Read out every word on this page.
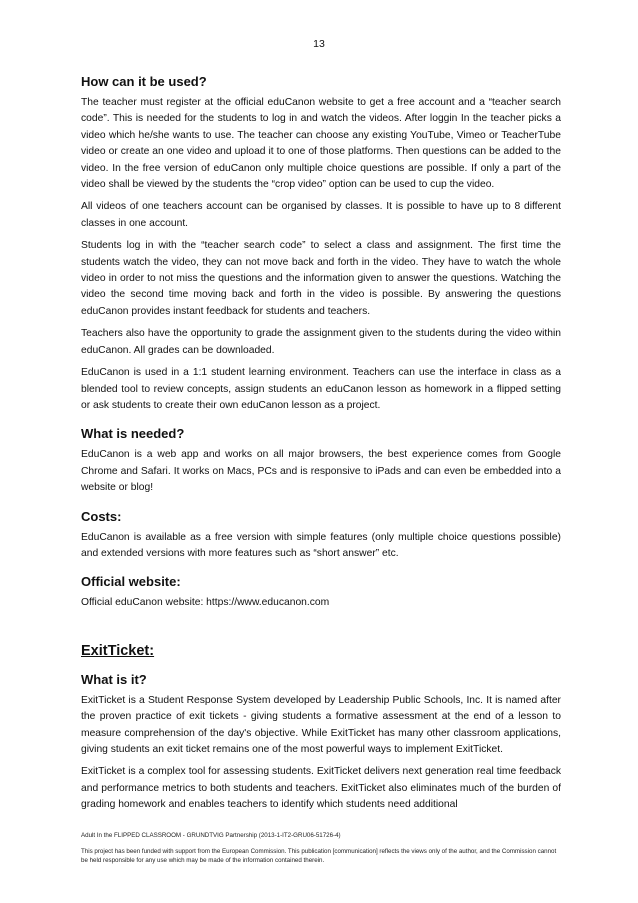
13
How can it be used?

The teacher must register at the official eduCanon website to get a free account and a “teacher search code”. This is needed for the students to log in and watch the videos. After loggin In the teacher picks a video which he/she wants to use. The teacher can choose any existing YouTube, Vimeo or TeacherTube video or create an one video and upload it to one of those platforms. Then questions can be added to the video. In the free version of eduCanon only multiple choice questions are possible. If only a part of the video shall be viewed by the students the “crop video” option can be used to cup the video.

All videos of one teachers account can be organised by classes. It is possible to have up to 8 different classes in one account.

Students log in with the “teacher search code” to select a class and assignment. The first time the students watch the video, they can not move back and forth in the video. They have to watch the whole video in order to not miss the questions and the information given to answer the questions. Watching the video the second time moving back and forth in the video is possible. By answering the questions eduCanon provides instant feedback for students and teachers.

Teachers also have the opportunity to grade the assignment given to the students during the video within eduCanon. All grades can be downloaded.

EduCanon is used in a 1:1 student learning environment. Teachers can use the interface in class as a blended tool to review concepts, assign students an eduCanon lesson as homework in a flipped setting or ask students to create their own eduCanon lesson as a project.

What is needed?

EduCanon is a web app and works on all major browsers, the best experience comes from Google Chrome and Safari. It works on Macs, PCs and is responsive to iPads and can even be embedded into a website or blog!

Costs:

EduCanon is available as a free version with simple features (only multiple choice questions possible) and extended versions with more features such as “short answer” etc.

Official website:

Official eduCanon website: https://www.educanon.com

ExitTicket:
What is it?

ExitTicket is a Student Response System developed by Leadership Public Schools, Inc. It is named after the proven practice of exit tickets - giving students a formative assessment at the end of a lesson to measure comprehension of the day's objective. While ExitTicket has many other classroom applications, giving students an exit ticket remains one of the most powerful ways to implement ExitTicket.

ExitTicket is a complex tool for assessing students. ExitTicket delivers next generation real time feedback and performance metrics to both students and teachers. ExitTicket also eliminates much of the burden of grading homework and enables teachers to identify which students need additional

Adult In the FLIPPED CLASSROOM - GRUNDTVIG Partnership (2013-1-IT2-GRU06-51726-4)
This project has been funded with support from the European Commission. This publication [communication] reflects the views only of the author, and the Commission cannot be held responsible for any use which may be made of the information contained therein.
